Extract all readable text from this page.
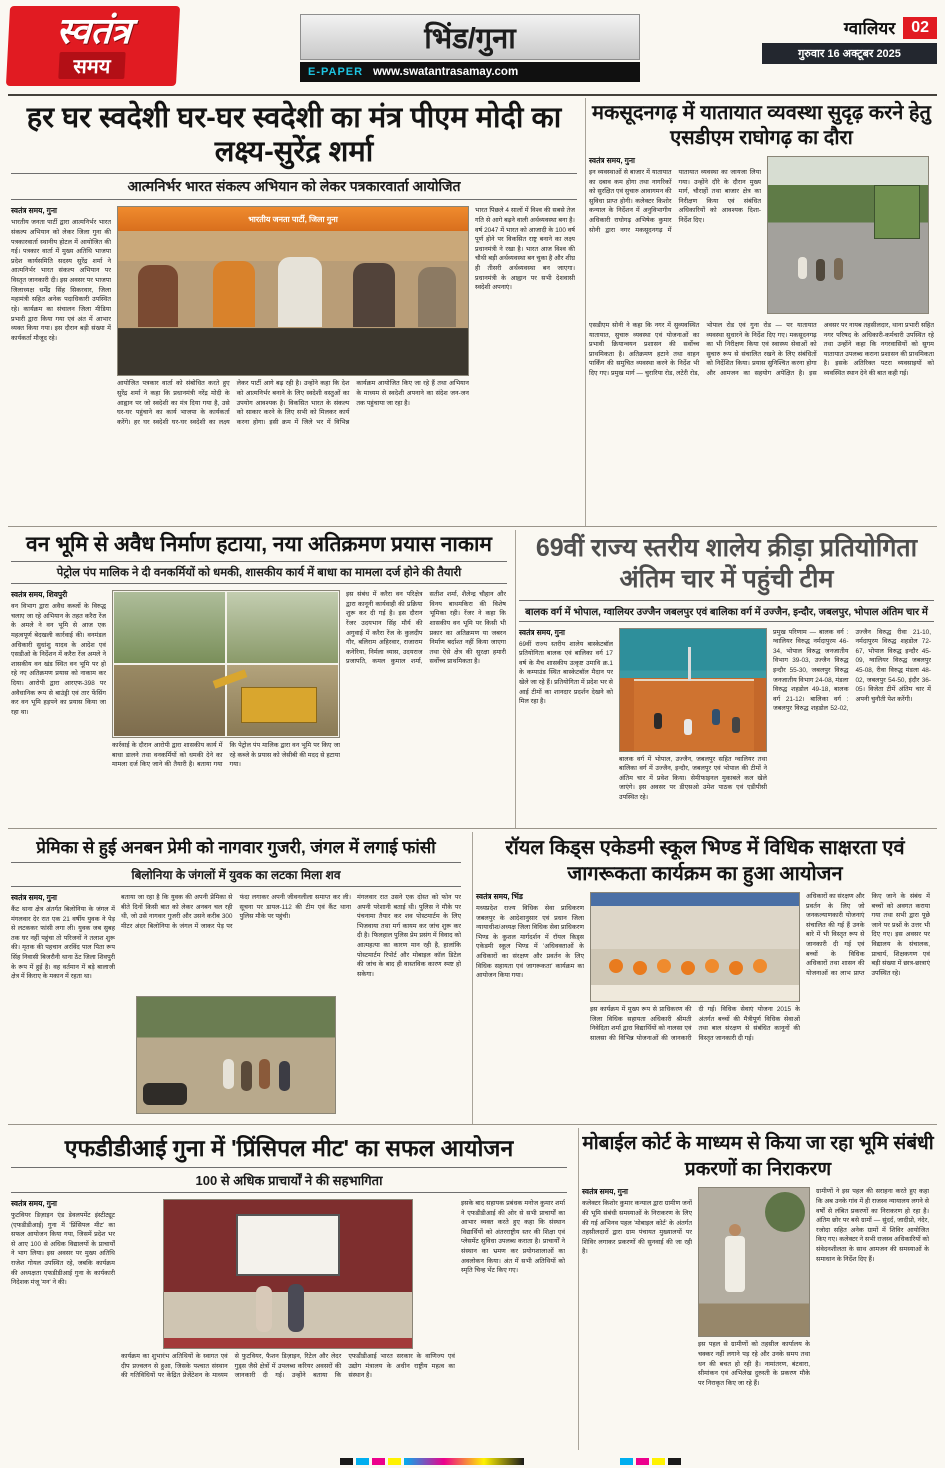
स्वतंत्र
समय
भिंड/गुना
E-PAPER www.swatantrasamay.com
ग्वालियर	02
गुरुवार 16 अक्टूबर 2025
हर घर स्वदेशी घर-घर स्वदेशी का मंत्र पीएम मोदी का लक्ष्य-सुरेंद्र शर्मा
आत्मनिर्भर भारत संकल्प अभियान को लेकर पत्रकारवार्ता आयोजित
स्वतंत्र समय, गुना
भारतीय जनता पार्टी द्वारा आत्मनिर्भर भारत संकल्प अभियान को लेकर जिला गुना की पत्रकारवार्ता स्थानीय होटल में आयोजित की गई। पत्रकार वार्ता में मुख्य अतिथि भाजपा प्रदेश कार्यसमिति सदस्य सुरेंद्र शर्मा ने आत्मनिर्भर भारत संकल्प अभियान पर विस्तृत जानकारी दी। इस अवसर पर भाजपा जिलाध्यक्ष धर्मेंद्र सिंह सिकरवार, जिला महामंत्री सहित अनेक पदाधिकारी उपस्थित रहे। कार्यक्रम का संचालन जिला मीडिया प्रभारी द्वारा किया गया एवं अंत में आभार व्यक्त किया गया। इस दौरान बड़ी संख्या में कार्यकर्ता मौजूद रहे।
भारतीय जनता पार्टी, जिला गुना
आयोजित पत्रकार वार्ता को संबोधित करते हुए सुरेंद्र शर्मा ने कहा कि प्रधानमंत्री नरेंद्र मोदी के आह्वान पर जो स्वदेशी का मंत्र दिया गया है, उसे घर-घर पहुंचाने का कार्य भाजपा के कार्यकर्ता करेंगे। हर घर स्वदेशी घर-घर स्वदेशी का लक्ष्य लेकर पार्टी आगे बढ़ रही है। उन्होंने कहा कि देश को आत्मनिर्भर बनाने के लिए स्वदेशी वस्तुओं का उपयोग आवश्यक है। विकसित भारत के संकल्प को साकार करने के लिए सभी को मिलकर कार्य करना होगा। इसी क्रम में जिले भर में विभिन्न कार्यक्रम आयोजित किए जा रहे हैं तथा अभियान के माध्यम से स्वदेशी अपनाने का संदेश जन-जन तक पहुंचाया जा रहा है।
भारत पिछले 4 सालों में विश्व की सबसे तेज गति से आगे बढ़ने वाली अर्थव्यवस्था बना है। वर्ष 2047 में भारत को आजादी के 100 वर्ष पूर्ण होने पर विकसित राष्ट्र बनाने का लक्ष्य प्रधानमंत्री ने रखा है। भारत आज विश्व की चौथी बड़ी अर्थव्यवस्था बन चुका है और शीघ्र ही तीसरी अर्थव्यवस्था बन जाएगा। प्रधानमंत्री के आह्वान पर सभी देशवासी स्वदेशी अपनाएं।
मकसूदनगढ़ में यातायात व्यवस्था सुदृढ़ करने हेतु एसडीएम राघोगढ़ का दौरा
स्वतंत्र समय, गुना
इन व्यवस्थाओं से बाजार में यातायात का दबाव कम होगा तथा नागरिकों को सुरक्षित एवं सुचारु आवागमन की सुविधा प्राप्त होगी। कलेक्टर किशोर कन्याल के निर्देशन में अनुविभागीय अधिकारी राघोगढ़ अभिषेक कुमार सोनी द्वारा नगर मकसूदनगढ़ में यातायात व्यवस्था का जायजा लिया गया। उन्होंने दौरे के दौरान मुख्य मार्ग, चौराहों तथा बाजार क्षेत्र का निरीक्षण किया एवं संबंधित अधिकारियों को आवश्यक दिशा-निर्देश दिए।
एसडीएम सोनी ने कहा कि नगर में सुव्यवस्थित यातायात, सुचारु व्यवस्था एवं योजनाओं का प्रभावी क्रियान्वयन प्रशासन की सर्वोच्च प्राथमिकता है। अतिक्रमण हटाने तथा वाहन पार्किंग की समुचित व्यवस्था करने के निर्देश भी दिए गए। प्रमुख मार्ग — चुरारिया रोड, लटेरी रोड, भोपाल रोड एवं गुना रोड — पर यातायात व्यवस्था सुधारने के निर्देश दिए गए। मकसूदनगढ़ का भी निरीक्षण किया एवं स्वास्थ्य सेवाओं को सुचारु रूप से संचालित रखने के लिए संबंधितों को निर्देशित किया। प्रयास सुनिश्चित करना होगा और आमजन का सहयोग अपेक्षित है। इस अवसर पर नायब तहसीलदार, थाना प्रभारी सहित नगर परिषद के अधिकारी-कर्मचारी उपस्थित रहे तथा उन्होंने कहा कि नगरवासियों को सुगम यातायात उपलब्ध कराना प्रशासन की प्राथमिकता है। इसके अतिरिक्त पटरा व्यवसाइयों को व्यवस्थित स्थान देने की बात कही गई।
वन भूमि से अवैध निर्माण हटाया, नया अतिक्रमण प्रयास नाकाम
पेट्रोल पंप मालिक ने दी वनकर्मियों को धमकी, शासकीय कार्य में बाधा का मामला दर्ज होने की तैयारी
स्वतंत्र समय, शिवपुरी
वन विभाग द्वारा अवैध कब्जों के विरुद्ध चलाए जा रहे अभियान के तहत करैरा रेंज के अमले ने वन भूमि से आज एक महत्वपूर्ण बेदखली कार्रवाई की। वनमंडल अधिकारी सुधांशु यादव के आदेश एवं एसडीओ के निर्देशन में करैरा रेंज अमले ने शासकीय वन खंड स्थित वन भूमि पर हो रहे नए अतिक्रमण प्रयास को नाकाम कर दिया। आरोपी द्वारा आरएफ-398 पर अवैधानिक रूप से बाउंड्री एवं तार फेंसिंग कर वन भूमि हड़पने का प्रयास किया जा रहा था।
कार्रवाई के दौरान आरोपी द्वारा शासकीय कार्य में बाधा डालने तथा वनकर्मियों को धमकी देने का मामला दर्ज किए जाने की तैयारी है। बताया गया कि पेट्रोल पंप मालिक द्वारा वन भूमि पर किए जा रहे कब्जे के प्रयास को जेसीबी की मदद से हटाया गया।
इस संबंध में करैरा वन परिक्षेत्र द्वारा कानूनी कार्यवाही की प्रक्रिया शुरू कर दी गई है। इस दौरान रेंजर उदयभान सिंह मौर्य की अगुवाई में करैरा रेंज के कुलदीप गौर, बलिराम अहिरवार, राजाराम कनेरिया, निर्मला व्यास, उदयराज प्रजापति, कमल कुमाल शर्मा, सतीश शर्मा, शैलेन्द्र चौहान और विनय बाथमकिरा की विशेष भूमिका रही। रेंजर ने कहा कि शासकीय वन भूमि पर किसी भी प्रकार का अतिक्रमण या जबरन निर्माण बर्दाश्त नहीं किया जाएगा तथा ऐसे क्षेत्र की सुरक्षा हमारी सर्वोच्च प्राथमिकता है।
69वीं राज्य स्तरीय शालेय क्रीड़ा प्रतियोगिता अंतिम चार में पहुंची टीम
बालक वर्ग में भोपाल, ग्वालियर उज्जैन जबलपुर एवं बालिका वर्ग में उज्जैन, इन्दौर, जबलपुर, भोपाल अंतिम चार में
स्वतंत्र समय, गुना
69वीं राज्य स्तरीय शालेय बास्केटबॉल प्रतियोगिता बालक एवं बालिका वर्ग 17 वर्ष के मैच शासकीय उत्कृष्ट उमावि क्र.1 के कम्पाउंड स्थित बास्केटबॉल मैदान पर खेले जा रहे हैं। प्रतियोगिता में प्रदेश भर से आई टीमों का शानदार प्रदर्शन देखने को मिल रहा है।
बालक वर्ग में भोपाल, उज्जैन, जबलपुर सहित ग्वालियर तथा बालिका वर्ग में उज्जैन, इन्दौर, जबलपुर एवं भोपाल की टीमों ने अंतिम चार में प्रवेश किया। सेमीफाइनल मुकाबले कल खेले जाएंगे। इस अवसर पर डीएसओ उमेश पाठक एवं एडीपीसी उपस्थित रहे।
प्रमुख परिणाम — बालक वर्ग : ग्वालियर विरुद्ध नर्मदापुरम 46-34, भोपाल विरुद्ध जनजातीय विभाग 39-03, उज्जैन विरुद्ध इन्दौर 55-30, जबलपुर विरुद्ध जनजातीय विभाग 24-08, मंडला विरुद्ध शहडोल 49-18, बालक वर्ग 21-12। बालिका वर्ग : जबलपुर विरुद्ध शहडोल 52-02, उज्जैन विरुद्ध रीवा 21-10, नर्मदापुरम विरुद्ध शहडोल 72-67, भोपाल विरुद्ध इन्दौर 45-09, ग्वालियर विरुद्ध जबलपुर 45-08, रीवा विरुद्ध मंडला 48-02, जबलपुर 54-50, इंदौर 36-05। विजेता टीमें अंतिम चार में अपनी चुनौती पेश करेंगी।
प्रेमिका से हुई अनबन प्रेमी को नागवार गुजरी, जंगल में लगाई फांसी
बिलोनिया के जंगलों में युवक का लटका मिला शव
स्वतंत्र समय, गुना
कैंट थाना क्षेत्र अंतर्गत बिलोनिया के जंगल में मंगलवार देर रात एक 21 वर्षीय युवक ने पेड़ से लटककर फांसी लगा ली। युवक जब सुबह तक घर नहीं पहुंचा तो परिजनों ने तलाश शुरू की। मृतक की पहचान अरविंद पाल पिता रूप सिंह निवासी बिजरौनी थाना ठेंट जिला शिवपुरी के रूप में हुई है। वह वर्तमान में बड़े बालाजी क्षेत्र में किराए के मकान में रहता था।
बताया जा रहा है कि युवक की अपनी प्रेमिका से बीते दिनों किसी बात को लेकर अनबन चल रही थी, जो उसे नागवार गुजरी और उसने करीब 300 मीटर अंदर बिलोनिया के जंगल में जाकर पेड़ पर फंदा लगाकर अपनी जीवनलीला समाप्त कर ली। सूचना पर डायल-112 की टीम एवं कैंट थाना पुलिस मौके पर पहुंची।
मंगलवार रात उसने एक दोस्त को फोन पर अपनी परेशानी बताई थी। पुलिस ने मौके पर पंचनामा तैयार कर शव पोस्टमार्टम के लिए भिजवाया तथा मर्ग कायम कर जांच शुरू कर दी है। फिलहाल पुलिस प्रेम प्रसंग में विवाद को आत्महत्या का कारण मान रही है, हालांकि पोस्टमार्टम रिपोर्ट और मोबाइल कॉल डिटेल की जांच के बाद ही वास्तविक कारण स्पष्ट हो सकेगा।
रॉयल किड्स एकेडमी स्कूल भिण्ड में विधिक साक्षरता एवं जागरूकता कार्यक्रम का हुआ आयोजन
स्वतंत्र समय, भिंड
मध्यप्रदेश राज्य विधिक सेवा प्राधिकरण जबलपुर के आदेशानुसार एवं प्रधान जिला न्यायाधीश/अध्यक्ष जिला विधिक सेवा प्राधिकरण भिण्ड के कुशल मार्गदर्शन में रॉयल किड्स एकेडमी स्कूल भिण्ड में 'अधिवक्ताओं के अधिकारों का संरक्षण और प्रवर्तन के लिए विधिक सहायता एवं जागरूकता' कार्यक्रम का आयोजन किया गया।
इस कार्यक्रम में मुख्य रूप से प्राधिकरण की जिला विधिक सहायता अधिकारी श्रीमती निवेदिता शर्मा द्वारा विद्यार्थियों को नालसा एवं सालसा की विभिन्न योजनाओं की जानकारी दी गई। विधिक सेवाएं योजना 2015 के अंतर्गत बच्चों की मैत्रीपूर्ण विधिक सेवाओं तथा बाल संरक्षण से संबंधित कानूनों की विस्तृत जानकारी दी गई।
अधिकारों का संरक्षण और प्रवर्तन के लिए जो जनकल्याणकारी योजनाएं संचालित की गई हैं उनके बारे में भी विस्तृत रूप से जानकारी दी गई एवं बच्चों के विधिक अधिकारों तथा शासन की योजनाओं का लाभ प्राप्त किए जाने के संबंध में बच्चों को अवगत कराया गया तथा सभी द्वारा पूछे जाने पर प्रश्नों के उत्तर भी दिए गए। इस अवसर पर विद्यालय के संचालक, प्राचार्य, शिक्षकगण एवं बड़ी संख्या में छात्र-छात्राएं उपस्थित रहे।
एफडीडीआई गुना में 'प्रिंसिपल मीट' का सफल आयोजन
100 से अधिक प्राचार्यों ने की सहभागिता
स्वतंत्र समय, गुना
फुटवियर डिज़ाइन एंड डेवलपमेंट इंस्टीट्यूट (एफडीडीआई) गुना में 'प्रिंसिपल मीट' का सफल आयोजन किया गया, जिसमें प्रदेश भर से आए 100 से अधिक विद्यालयों के प्राचार्यों ने भाग लिया। इस अवसर पर मुख्य अतिथि राजेश गोयल उपस्थित रहे, जबकि कार्यक्रम की अध्यक्षता एफडीडीआई गुना के कार्यकारी निदेशक मंजू 'मन' ने की।
कार्यक्रम का शुभारंभ अतिथियों के स्वागत एवं दीप प्रज्वलन से हुआ, जिसके पश्चात संस्थान की गतिविधियों पर केंद्रित प्रेजेंटेशन के माध्यम से फुटवियर, फैशन डिज़ाइन, रिटेल और लेदर गुड्स जैसे क्षेत्रों में उपलब्ध करियर अवसरों की जानकारी दी गई। उन्होंने बताया कि एफडीडीआई भारत सरकार के वाणिज्य एवं उद्योग मंत्रालय के अधीन राष्ट्रीय महत्व का संस्थान है।
इसके बाद सहायक प्रबंधक मनोज कुमार शर्मा ने एफडीडीआई की ओर से सभी प्राचार्यों का आभार व्यक्त करते हुए कहा कि संस्थान विद्यार्थियों को अंतरराष्ट्रीय स्तर की शिक्षा एवं प्लेसमेंट सुविधा उपलब्ध कराता है। प्राचार्यों ने संस्थान का भ्रमण कर प्रयोगशालाओं का अवलोकन किया। अंत में सभी अतिथियों को स्मृति चिन्ह भेंट किए गए।
मोबाईल कोर्ट के माध्यम से किया जा रहा भूमि संबंधी प्रकरणों का निराकरण
स्वतंत्र समय, गुना
कलेक्टर किशोर कुमार कन्याल द्वारा ग्रामीण जनों की भूमि संबंधी समस्याओं के निराकरण के लिए की गई अभिनव पहल 'मोबाइल कोर्ट' के अंतर्गत तहसीलदारों द्वारा ग्राम पंचायत मुख्यालयों पर शिविर लगाकर प्रकरणों की सुनवाई की जा रही है।
इस पहल से ग्रामीणों को तहसील कार्यालय के चक्कर नहीं लगाने पड़ रहे और उनके समय तथा धन की बचत हो रही है। नामांतरण, बंटवारा, सीमांकन एवं अभिलेख दुरुस्ती के प्रकरण मौके पर निराकृत किए जा रहे हैं।
ग्रामीणों ने इस पहल की सराहना करते हुए कहा कि अब उनके गांव में ही राजस्व न्यायालय लगने से वर्षों से लंबित प्रकरणों का निराकरण हो रहा है। अंतिम छोर पर बसे ग्रामों — सुंदर्द, जादीप्रो, नंदेर, रजोदा सहित अनेक ग्रामों में शिविर आयोजित किए गए। कलेक्टर ने सभी राजस्व अधिकारियों को संवेदनशीलता के साथ आमजन की समस्याओं के समाधान के निर्देश दिए हैं।
